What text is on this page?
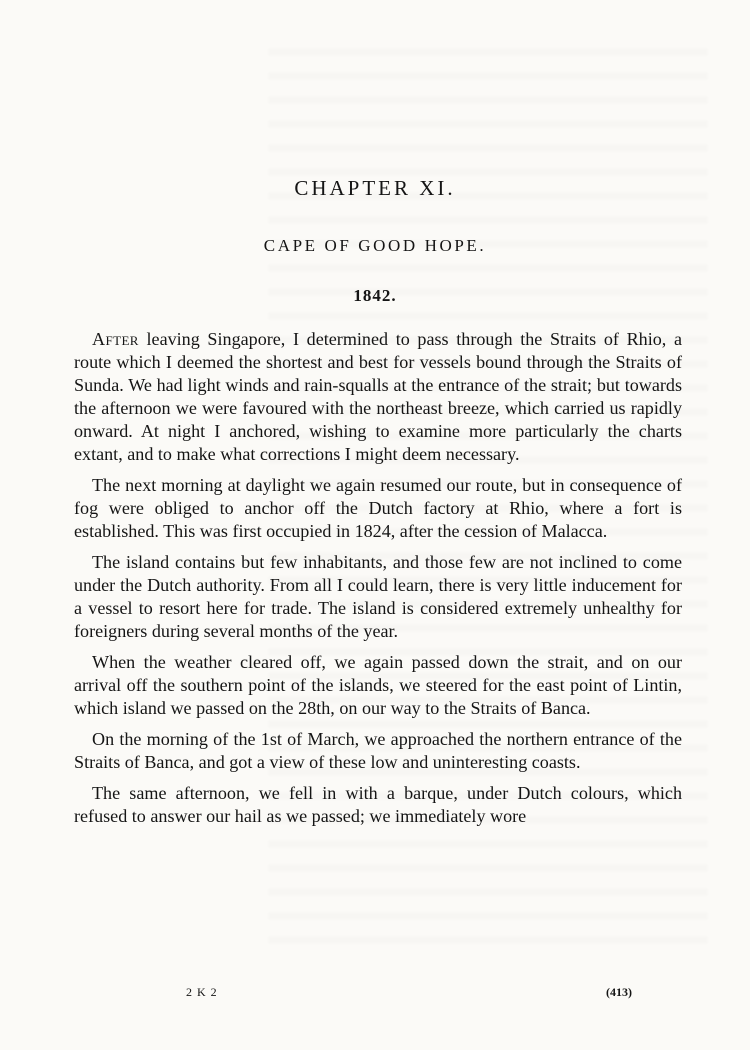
CHAPTER XI.
CAPE OF GOOD HOPE.
1842.

After leaving Singapore, I determined to pass through the Straits of Rhio, a route which I deemed the shortest and best for vessels bound through the Straits of Sunda. We had light winds and rain-squalls at the entrance of the strait; but towards the afternoon we were favoured with the northeast breeze, which carried us rapidly onward. At night I anchored, wishing to examine more particularly the charts extant, and to make what corrections I might deem necessary.

The next morning at daylight we again resumed our route, but in consequence of fog were obliged to anchor off the Dutch factory at Rhio, where a fort is established. This was first occupied in 1824, after the cession of Malacca.

The island contains but few inhabitants, and those few are not inclined to come under the Dutch authority. From all I could learn, there is very little inducement for a vessel to resort here for trade. The island is considered extremely unhealthy for foreigners during several months of the year.

When the weather cleared off, we again passed down the strait, and on our arrival off the southern point of the islands, we steered for the east point of Lintin, which island we passed on the 28th, on our way to the Straits of Banca.

On the morning of the 1st of March, we approached the northern entrance of the Straits of Banca, and got a view of these low and uninteresting coasts.

The same afternoon, we fell in with a barque, under Dutch colours, which refused to answer our hail as we passed; we immediately wore

2 K 2	(413)
